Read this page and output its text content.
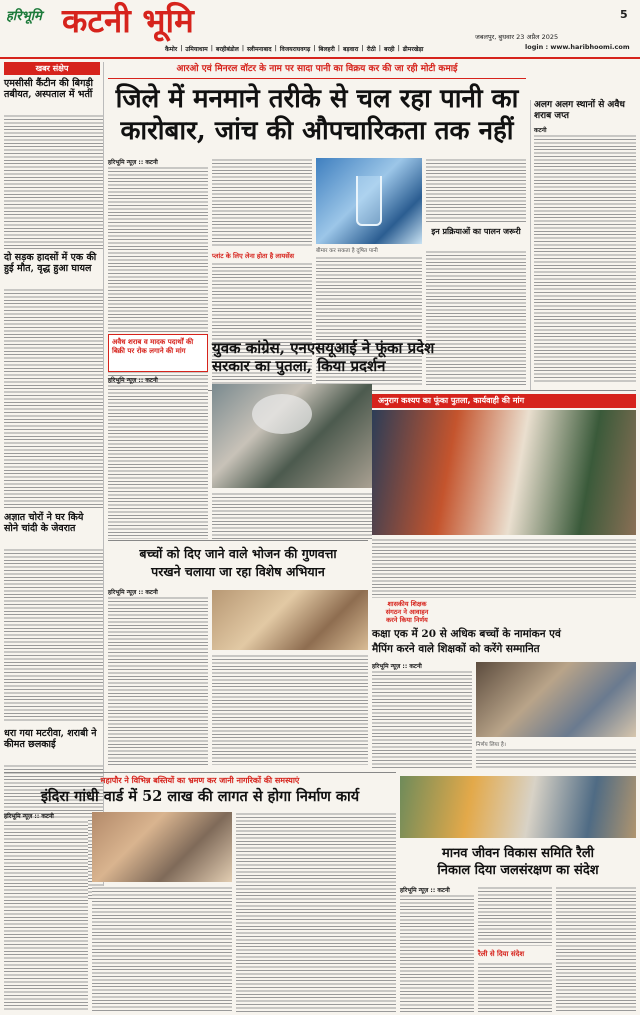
हरिभूमि कटनी भूमि	5
जबलपुर, बुधवार 23 अप्रैल 2025
login : www.haribhoomi.com
कैमोर | उमियाधाम | बरहीबंडोल | स्लीमनाबाद | विजयराघवगढ़ | बिलहरी | बड़वारा | रीठी | बरही | ढीमरखेड़ा
खबर संक्षेप
एमसीसी कैंटीन की बिगड़ी तबीयत, अस्पताल में भर्ती
दो सड़क हादसों में एक की हुई मौत, वृद्ध हुआ घायल
अज्ञात चोरों ने घर किये सोने चांदी के जेवरात
धरा गया मटरीवा, शराबी ने कीमत छलकाई
आरओ एवं मिनरल वॉटर के नाम पर सादा पानी का विक्रय कर की जा रही मोटी कमाई
जिले में मनमाने तरीके से चल रहा पानी का
कारोबार, जांच की औपचारिकता तक नहीं
हरिभूमि न्यूज़ :: कटनी
प्लांट के लिए लेना होता है लायसेंस
बीमार कर सकता है दूषित पानी
इन प्रक्रियाओं का पालन जरूरी
अलग अलग स्थानों से अवैध शराब जप्त
कटनी
अवैध शराब व मादक पदार्थों की बिक्री पर रोक लगाने की मांग	युवक कांग्रेस, एनएसयूआई ने फूंका प्रदेश सरकार का पुतला, किया प्रदर्शन
हरिभूमि न्यूज़ :: कटनी
अनुराग कश्यप का फूंका पुतला, कार्यवाही की मांग
बच्चों को दिए जाने वाले भोजन की गुणवत्ता
परखने चलाया जा रहा विशेष अभियान
हरिभूमि न्यूज़ :: कटनी
शासकीय शिक्षक
संगठन ने आवाहन
करने किया निर्णय
कक्षा एक में 20 से अधिक बच्चों के नामांकन एवं
मैपिंग करने वाले शिक्षकों को करेंगे सम्मानित
हरिभूमि न्यूज़ :: कटनी
निर्णय लिया है।
महापौर ने विभिन्न बस्तियों का भ्रमण कर जानी नागरिकों की समस्याएं
इंदिरा गांधी वार्ड में 52 लाख की लागत से होगा निर्माण कार्य
हरिभूमि न्यूज़ :: कटनी
मानव जीवन विकास समिति रैली
निकाल दिया जलसंरक्षण का संदेश
हरिभूमि न्यूज़ :: कटनी
रैली से दिया संदेश
